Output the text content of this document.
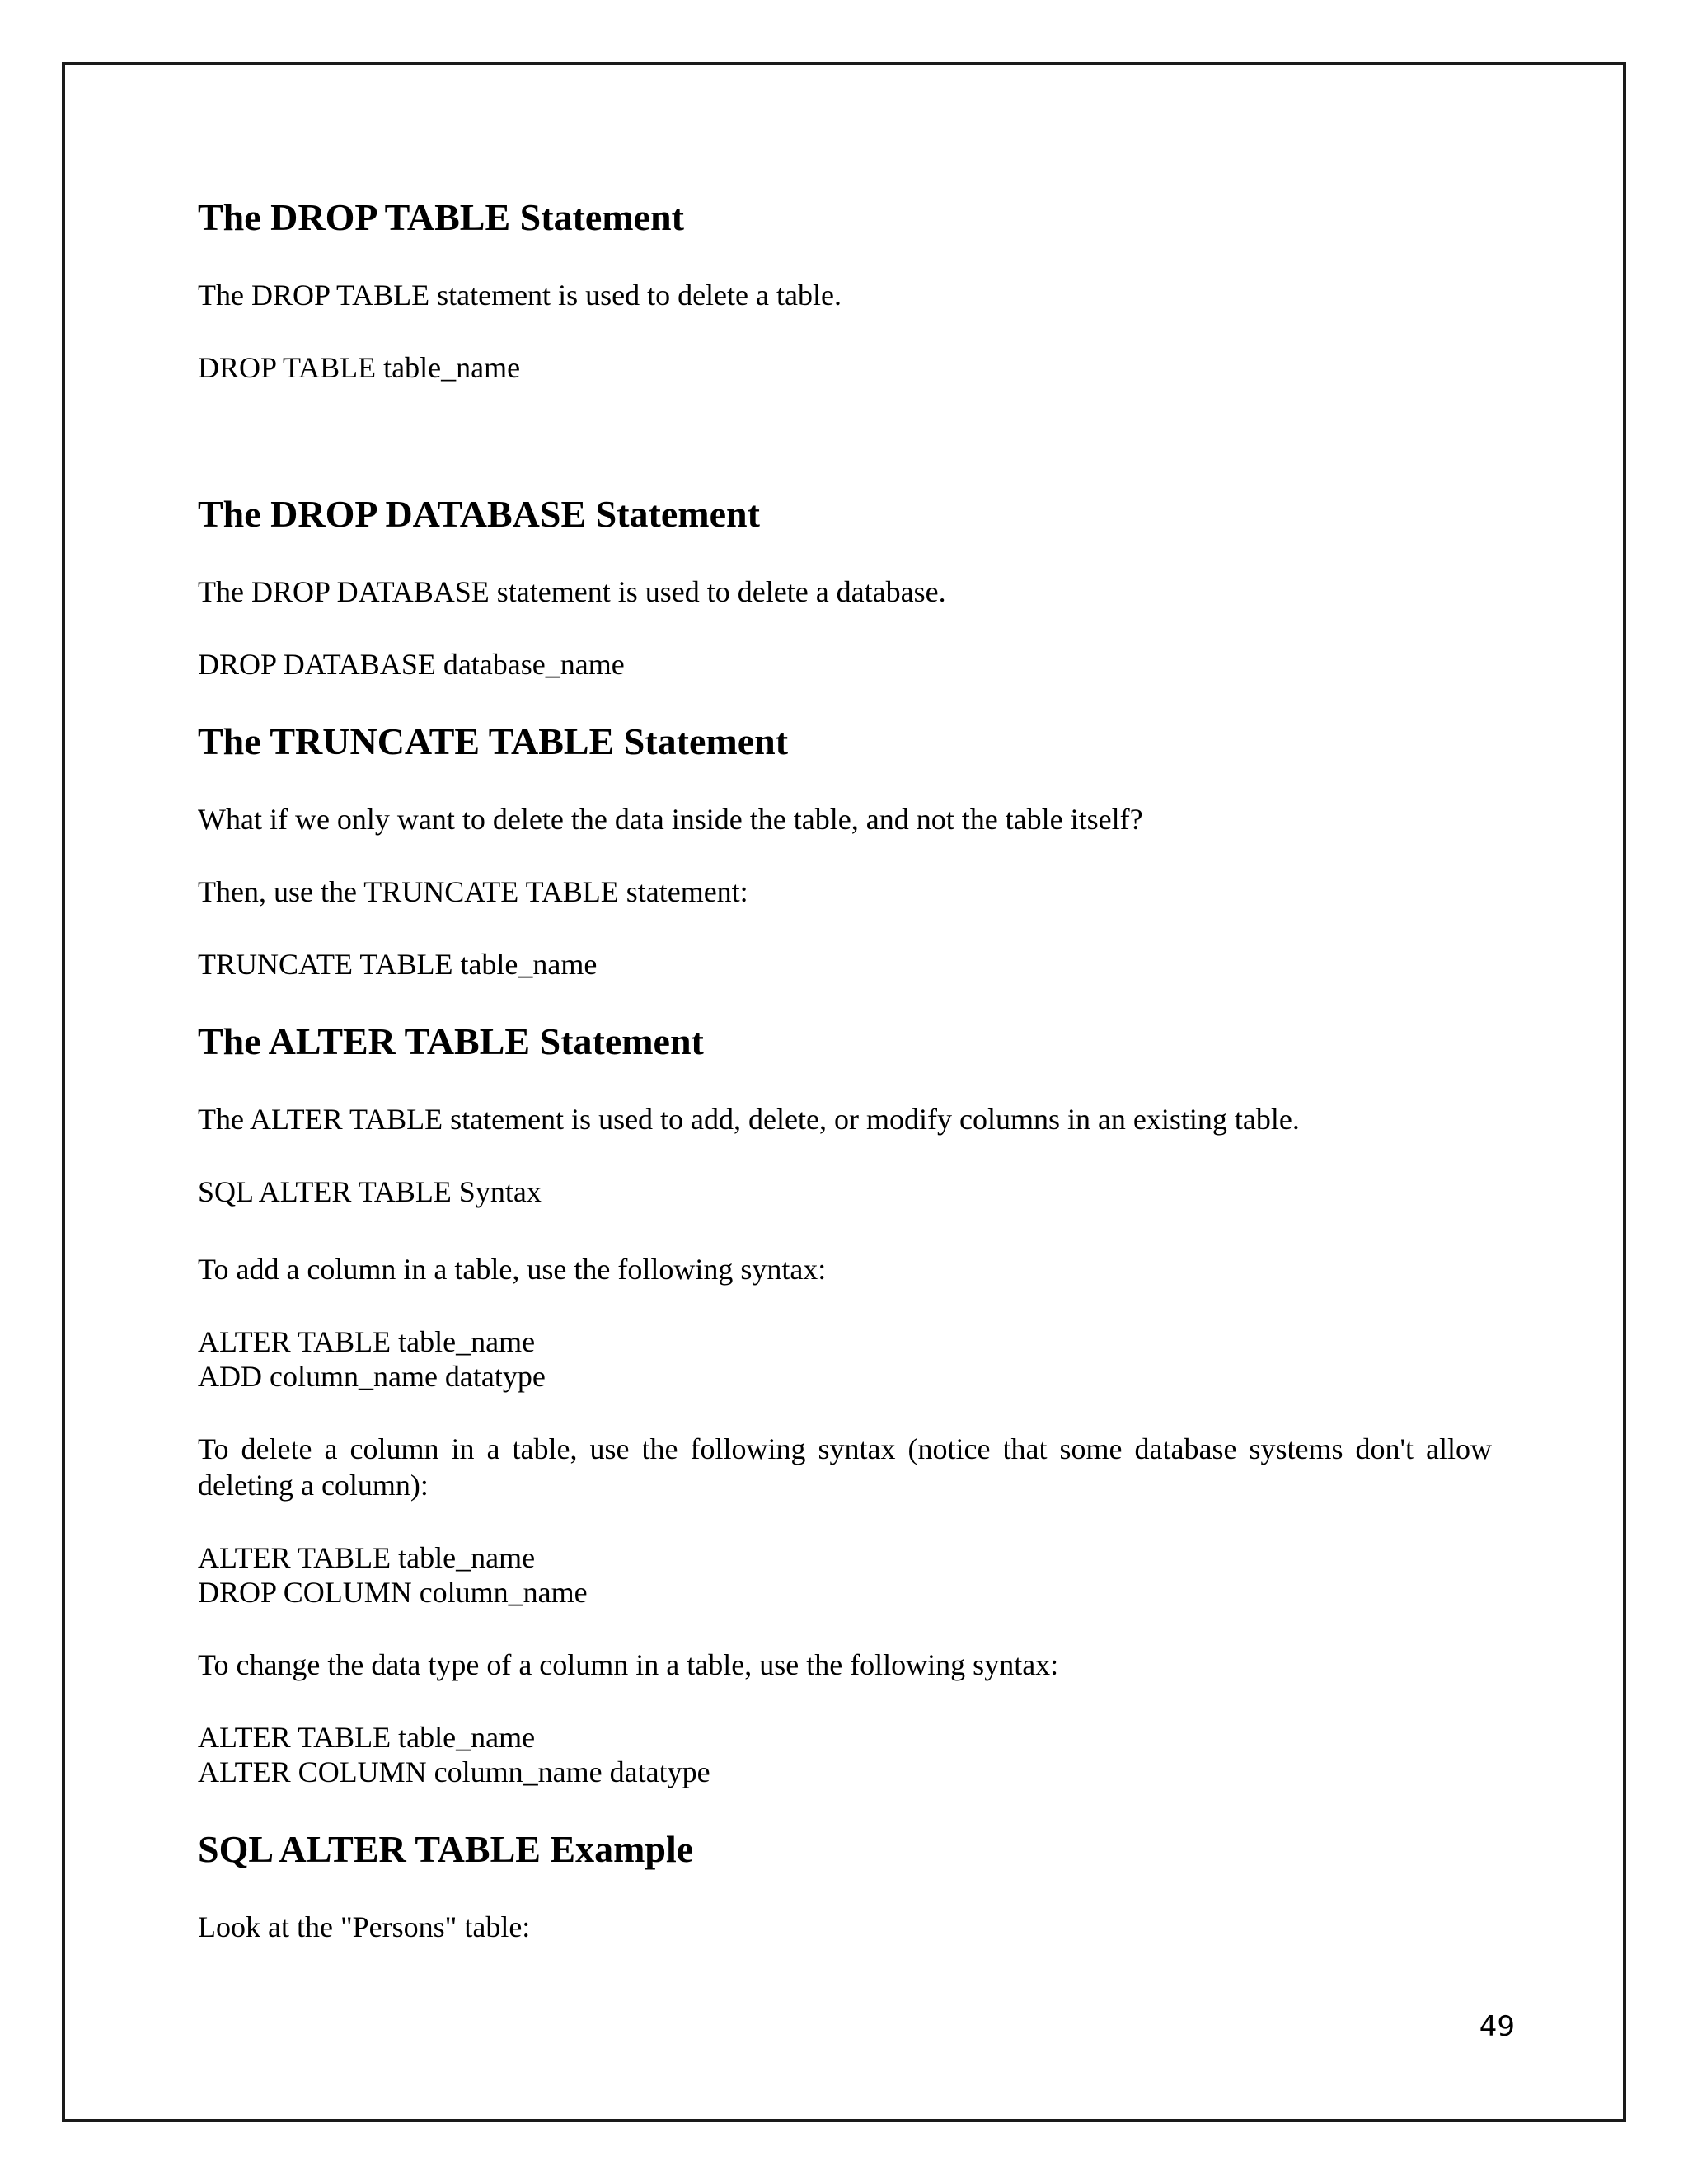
The DROP TABLE Statement
The DROP TABLE statement is used to delete a table.
DROP TABLE table_name
The DROP DATABASE Statement
The DROP DATABASE statement is used to delete a database.
DROP DATABASE database_name
The TRUNCATE TABLE Statement
What if we only want to delete the data inside the table, and not the table itself?
Then, use the TRUNCATE TABLE statement:
TRUNCATE TABLE table_name
The ALTER TABLE Statement
The ALTER TABLE statement is used to add, delete, or modify columns in an existing table.
SQL ALTER TABLE Syntax
To add a column in a table, use the following syntax:
ALTER TABLE table_name
ADD column_name datatype
To delete a column in a table, use the following syntax (notice that some database systems don't allow deleting a column):
ALTER TABLE table_name
DROP COLUMN column_name
To change the data type of a column in a table, use the following syntax:
ALTER TABLE table_name
ALTER COLUMN column_name datatype
SQL ALTER TABLE Example
Look at the "Persons" table:
49
